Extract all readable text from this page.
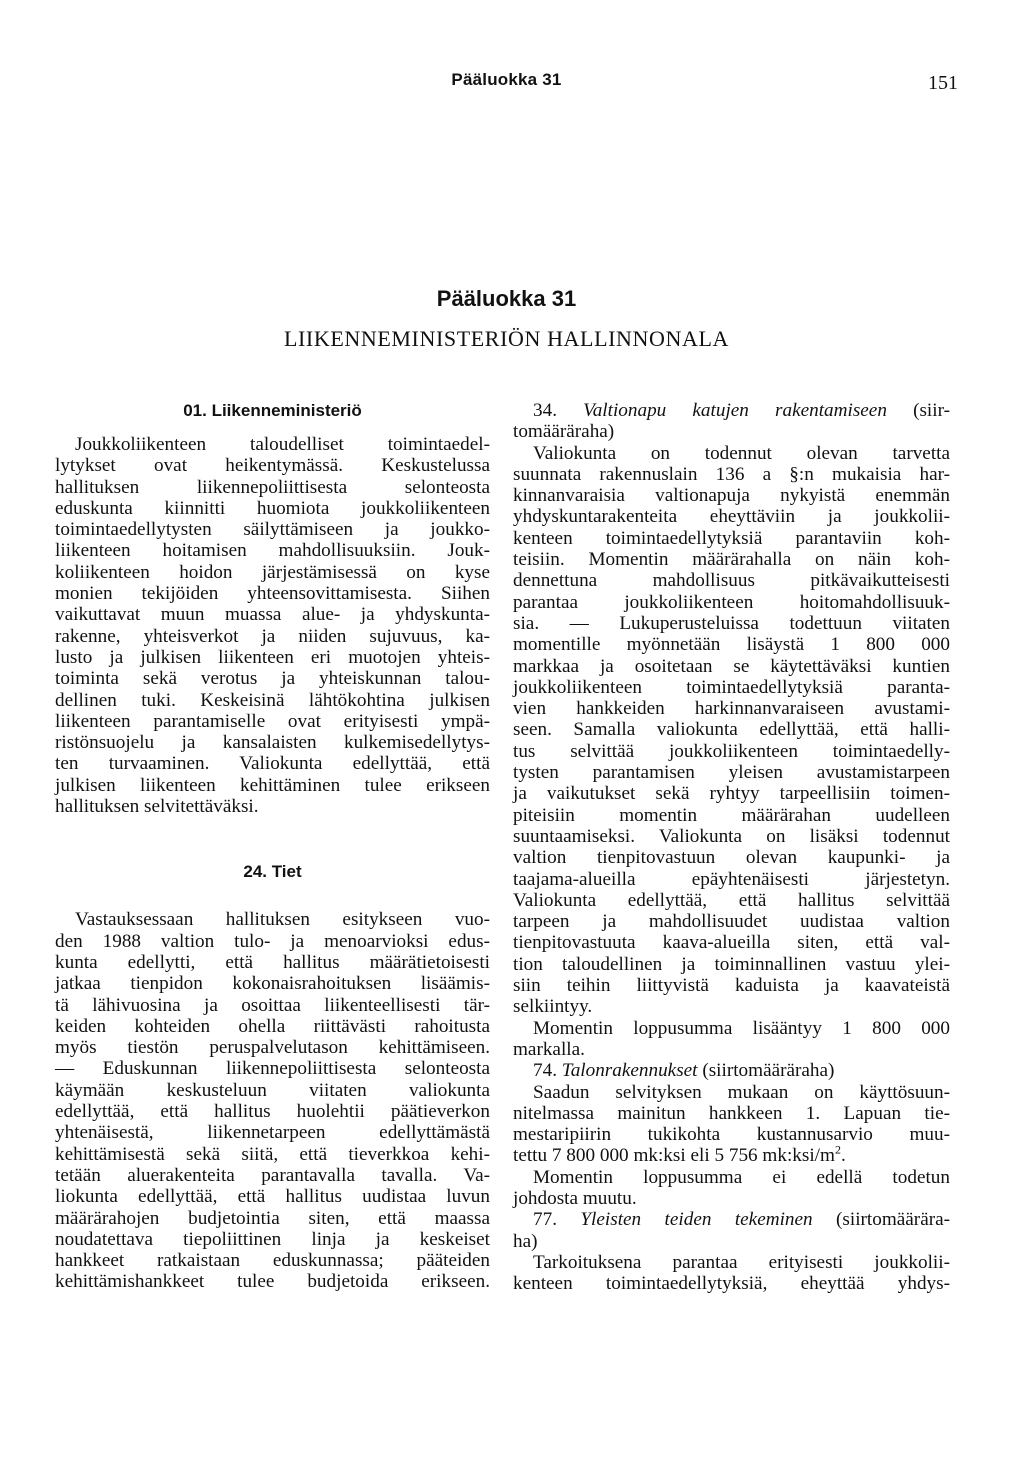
Pääluokka 31	151
Pääluokka 31
LIIKENNEMINISTERIÖN HALLINNONALA
01. Liikenneministeriö
Joukkoliikenteen taloudelliset toimintaedel-
lytykset ovat heikentymässä. Keskustelussa
hallituksen liikennepoliittisesta selonteosta
eduskunta kiinnitti huomiota joukkoliikenteen
toimintaedellytysten säilyttämiseen ja joukko-
liikenteen hoitamisen mahdollisuuksiin. Jouk-
koliikenteen hoidon järjestämisessä on kyse
monien tekijöiden yhteensovittamisesta. Siihen
vaikuttavat muun muassa alue- ja yhdyskunta-
rakenne, yhteisverkot ja niiden sujuvuus, ka-
lusto ja julkisen liikenteen eri muotojen yhteis-
toiminta sekä verotus ja yhteiskunnan talou-
dellinen tuki. Keskeisinä lähtökohtina julkisen
liikenteen parantamiselle ovat erityisesti ympä-
ristönsuojelu ja kansalaisten kulkemisedellytys-
ten turvaaminen. Valiokunta edellyttää, että
julkisen liikenteen kehittäminen tulee erikseen
hallituksen selvitettäväksi.
24. Tiet
Vastauksessaan hallituksen esitykseen vuo-
den 1988 valtion tulo- ja menoarvioksi edus-
kunta edellytti, että hallitus määrätietoisesti
jatkaa tienpidon kokonaisrahoituksen lisäämis-
tä lähivuosina ja osoittaa liikenteellisesti tär-
keiden kohteiden ohella riittävästi rahoitusta
myös tiestön peruspalvelutason kehittämiseen.
— Eduskunnan liikennepoliittisesta selonteosta
käymään keskusteluun viitaten valiokunta
edellyttää, että hallitus huolehtii päätieverkon
yhtenäisestä, liikennetarpeen edellyttämästä
kehittämisestä sekä siitä, että tieverkkoa kehi-
tetään aluerakenteita parantavalla tavalla. Va-
liokunta edellyttää, että hallitus uudistaa luvun
määrärahojen budjetointia siten, että maassa
noudatettava tiepoliittinen linja ja keskeiset
hankkeet ratkaistaan eduskunnassa; pääteiden
kehittämishankkeet tulee budjetoida erikseen.
34. Valtionapu katujen rakentamiseen (siir-
tomääräraha)
Valiokunta on todennut olevan tarvetta
suunnata rakennuslain 136 a §:n mukaisia har-
kinnanvaraisia valtionapuja nykyistä enemmän
yhdyskuntarakenteita eheyttäviin ja joukkolii-
kenteen toimintaedellytyksiä parantaviin koh-
teisiin. Momentin määrärahalla on näin koh-
dennettuna mahdollisuus pitkävaikutteisesti
parantaa joukkoliikenteen hoitomahdollisuuk-
sia. — Lukuperusteluissa todettuun viitaten
momentille myönnetään lisäystä 1 800 000
markkaa ja osoitetaan se käytettäväksi kuntien
joukkoliikenteen toimintaedellytyksiä paranta-
vien hankkeiden harkinnanvaraiseen avustami-
seen. Samalla valiokunta edellyttää, että halli-
tus selvittää joukkoliikenteen toimintaedelly-
tysten parantamisen yleisen avustamistarpeen
ja vaikutukset sekä ryhtyy tarpeellisiin toimen-
piteisiin momentin määrärahan uudelleen
suuntaamiseksi. Valiokunta on lisäksi todennut
valtion tienpitovastuun olevan kaupunki- ja
taajama-alueilla epäyhtenäisesti järjestetyn.
Valiokunta edellyttää, että hallitus selvittää
tarpeen ja mahdollisuudet uudistaa valtion
tienpitovastuuta kaava-alueilla siten, että val-
tion taloudellinen ja toiminnallinen vastuu ylei-
siin teihin liittyvistä kaduista ja kaavateistä
selkiintyy.
Momentin loppusumma lisääntyy 1 800 000
markalla.
74. Talonrakennukset (siirtomääräraha)
Saadun selvityksen mukaan on käyttösuun-
nitelmassa mainitun hankkeen 1. Lapuan tie-
mestaripiirin tukikohta kustannusarvio muu-
tettu 7 800 000 mk:ksi eli 5 756 $mk:ksi/m^2$.
Momentin loppusumma ei edellä todetun
johdosta muutu.
77. Yleisten teiden tekeminen (siirtomäärära-
ha)
Tarkoituksena parantaa erityisesti joukkolii-
kenteen toimintaedellytyksiä, eheyttää yhdys-
